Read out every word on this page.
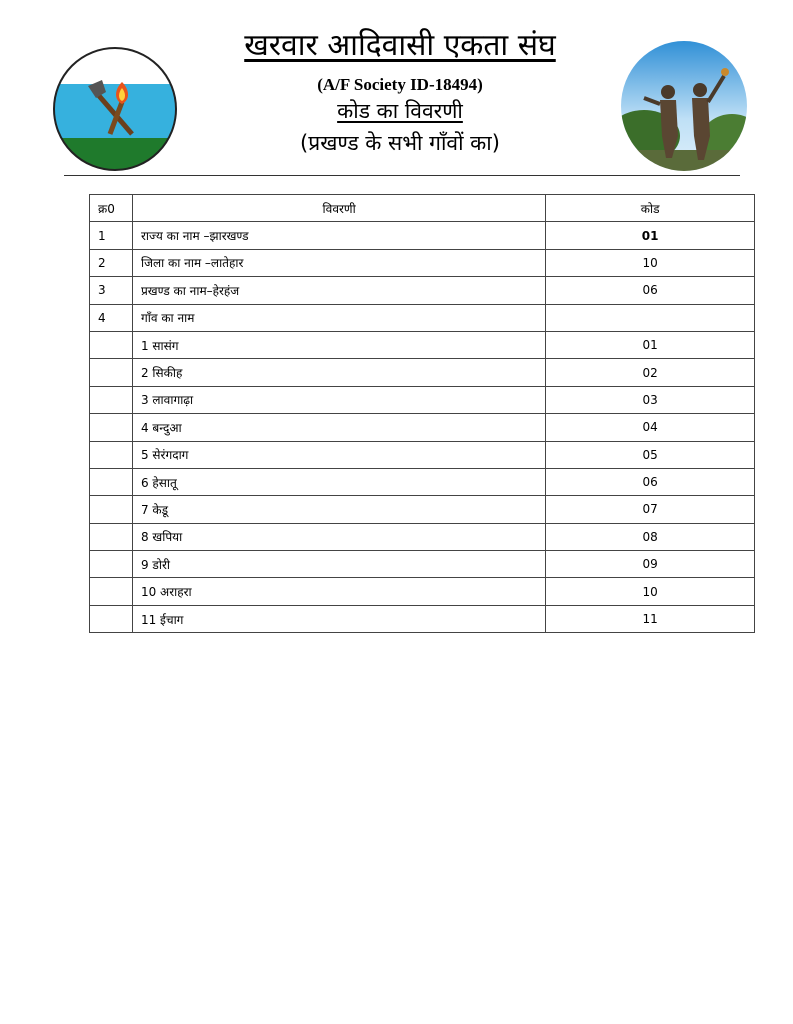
खरवार आदिवासी एकता संघ
(A/F Society ID-18494)
कोड का विवरणी
(प्रखण्ड के सभी गाँवों का)
क्र0	विवरणी	कोड
1	राज्य का नाम –झारखण्ड	01
2	जिला का नाम –लातेहार	10
3	प्रखण्ड का नाम–हेरहंज	06
4	गाँव का नाम	
	1 सासंग	01
	2 सिकीह	02
	3 लावागाढ़ा	03
	4 बन्दुआ	04
	5 सेरंगदाग	05
	6 हेसातू	06
	7 केडू	07
	8 खपिया	08
	9 डोरी	09
	10 अराहरा	10
	11 ईचाग	11
